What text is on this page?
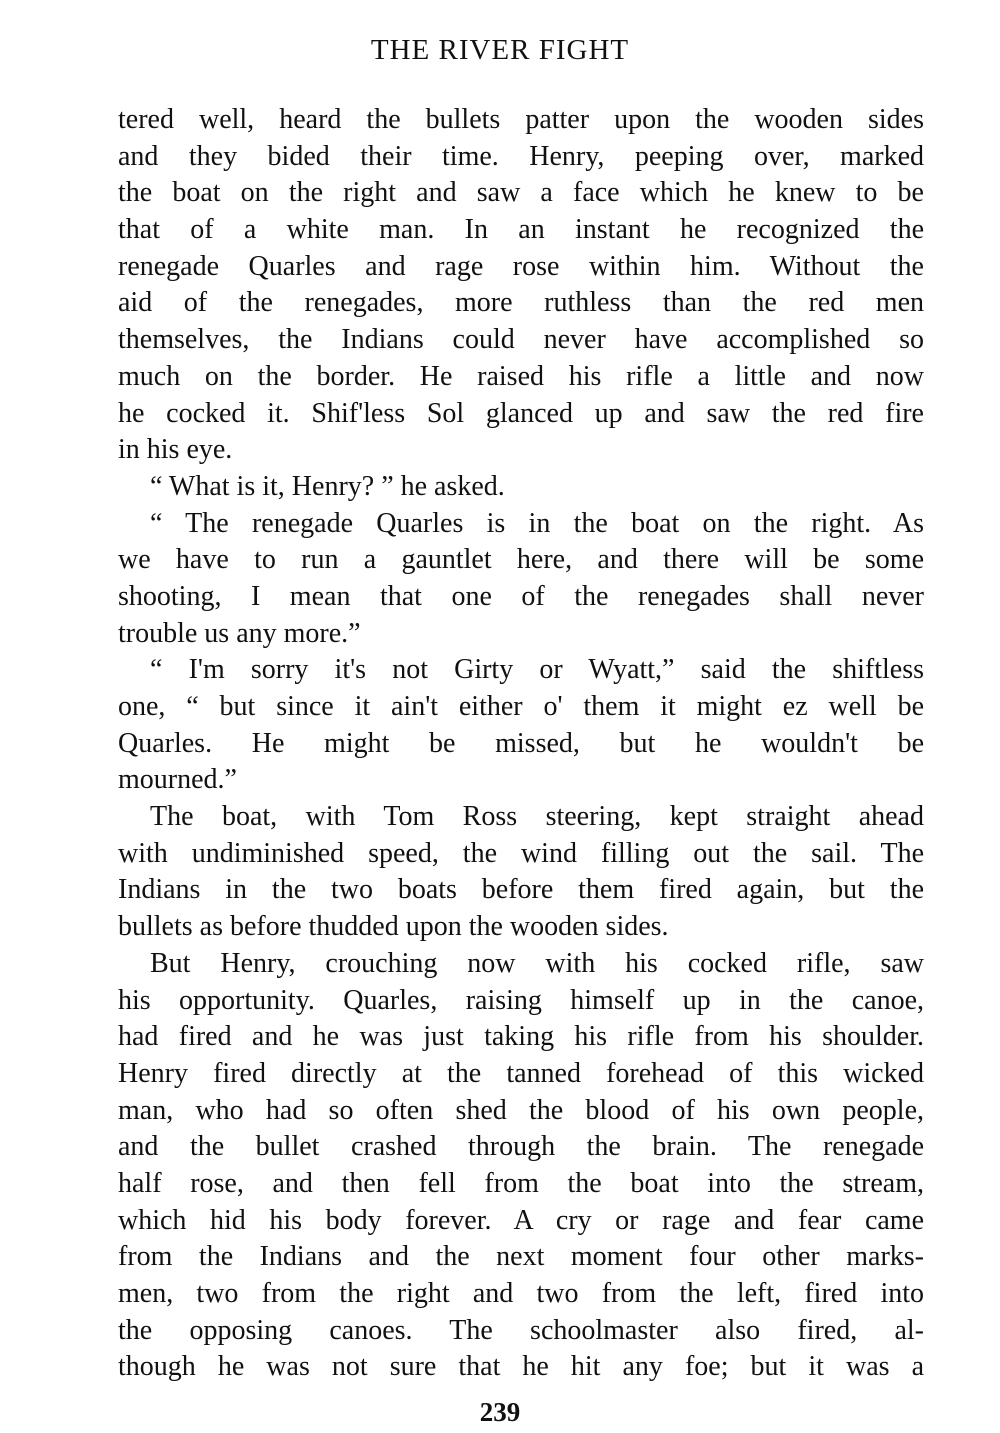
THE RIVER FIGHT
tered well, heard the bullets patter upon the wooden sides
and they bided their time. Henry, peeping over, marked
the boat on the right and saw a face which he knew to be
that of a white man. In an instant he recognized the
renegade Quarles and rage rose within him. Without the
aid of the renegades, more ruthless than the red men
themselves, the Indians could never have accomplished so
much on the border. He raised his rifle a little and now
he cocked it. Shif'less Sol glanced up and saw the red fire
in his eye.
“ What is it, Henry? ” he asked.
“ The renegade Quarles is in the boat on the right. As
we have to run a gauntlet here, and there will be some
shooting, I mean that one of the renegades shall never
trouble us any more.”
“ I'm sorry it's not Girty or Wyatt,” said the shiftless
one, “ but since it ain't either o' them it might ez well be
Quarles. He might be missed, but he wouldn't be
mourned.”
The boat, with Tom Ross steering, kept straight ahead
with undiminished speed, the wind filling out the sail. The
Indians in the two boats before them fired again, but the
bullets as before thudded upon the wooden sides.
But Henry, crouching now with his cocked rifle, saw
his opportunity. Quarles, raising himself up in the canoe,
had fired and he was just taking his rifle from his shoulder.
Henry fired directly at the tanned forehead of this wicked
man, who had so often shed the blood of his own people,
and the bullet crashed through the brain. The renegade
half rose, and then fell from the boat into the stream,
which hid his body forever. A cry or rage and fear came
from the Indians and the next moment four other marks-
men, two from the right and two from the left, fired into
the opposing canoes. The schoolmaster also fired, al-
though he was not sure that he hit any foe; but it was a
239
